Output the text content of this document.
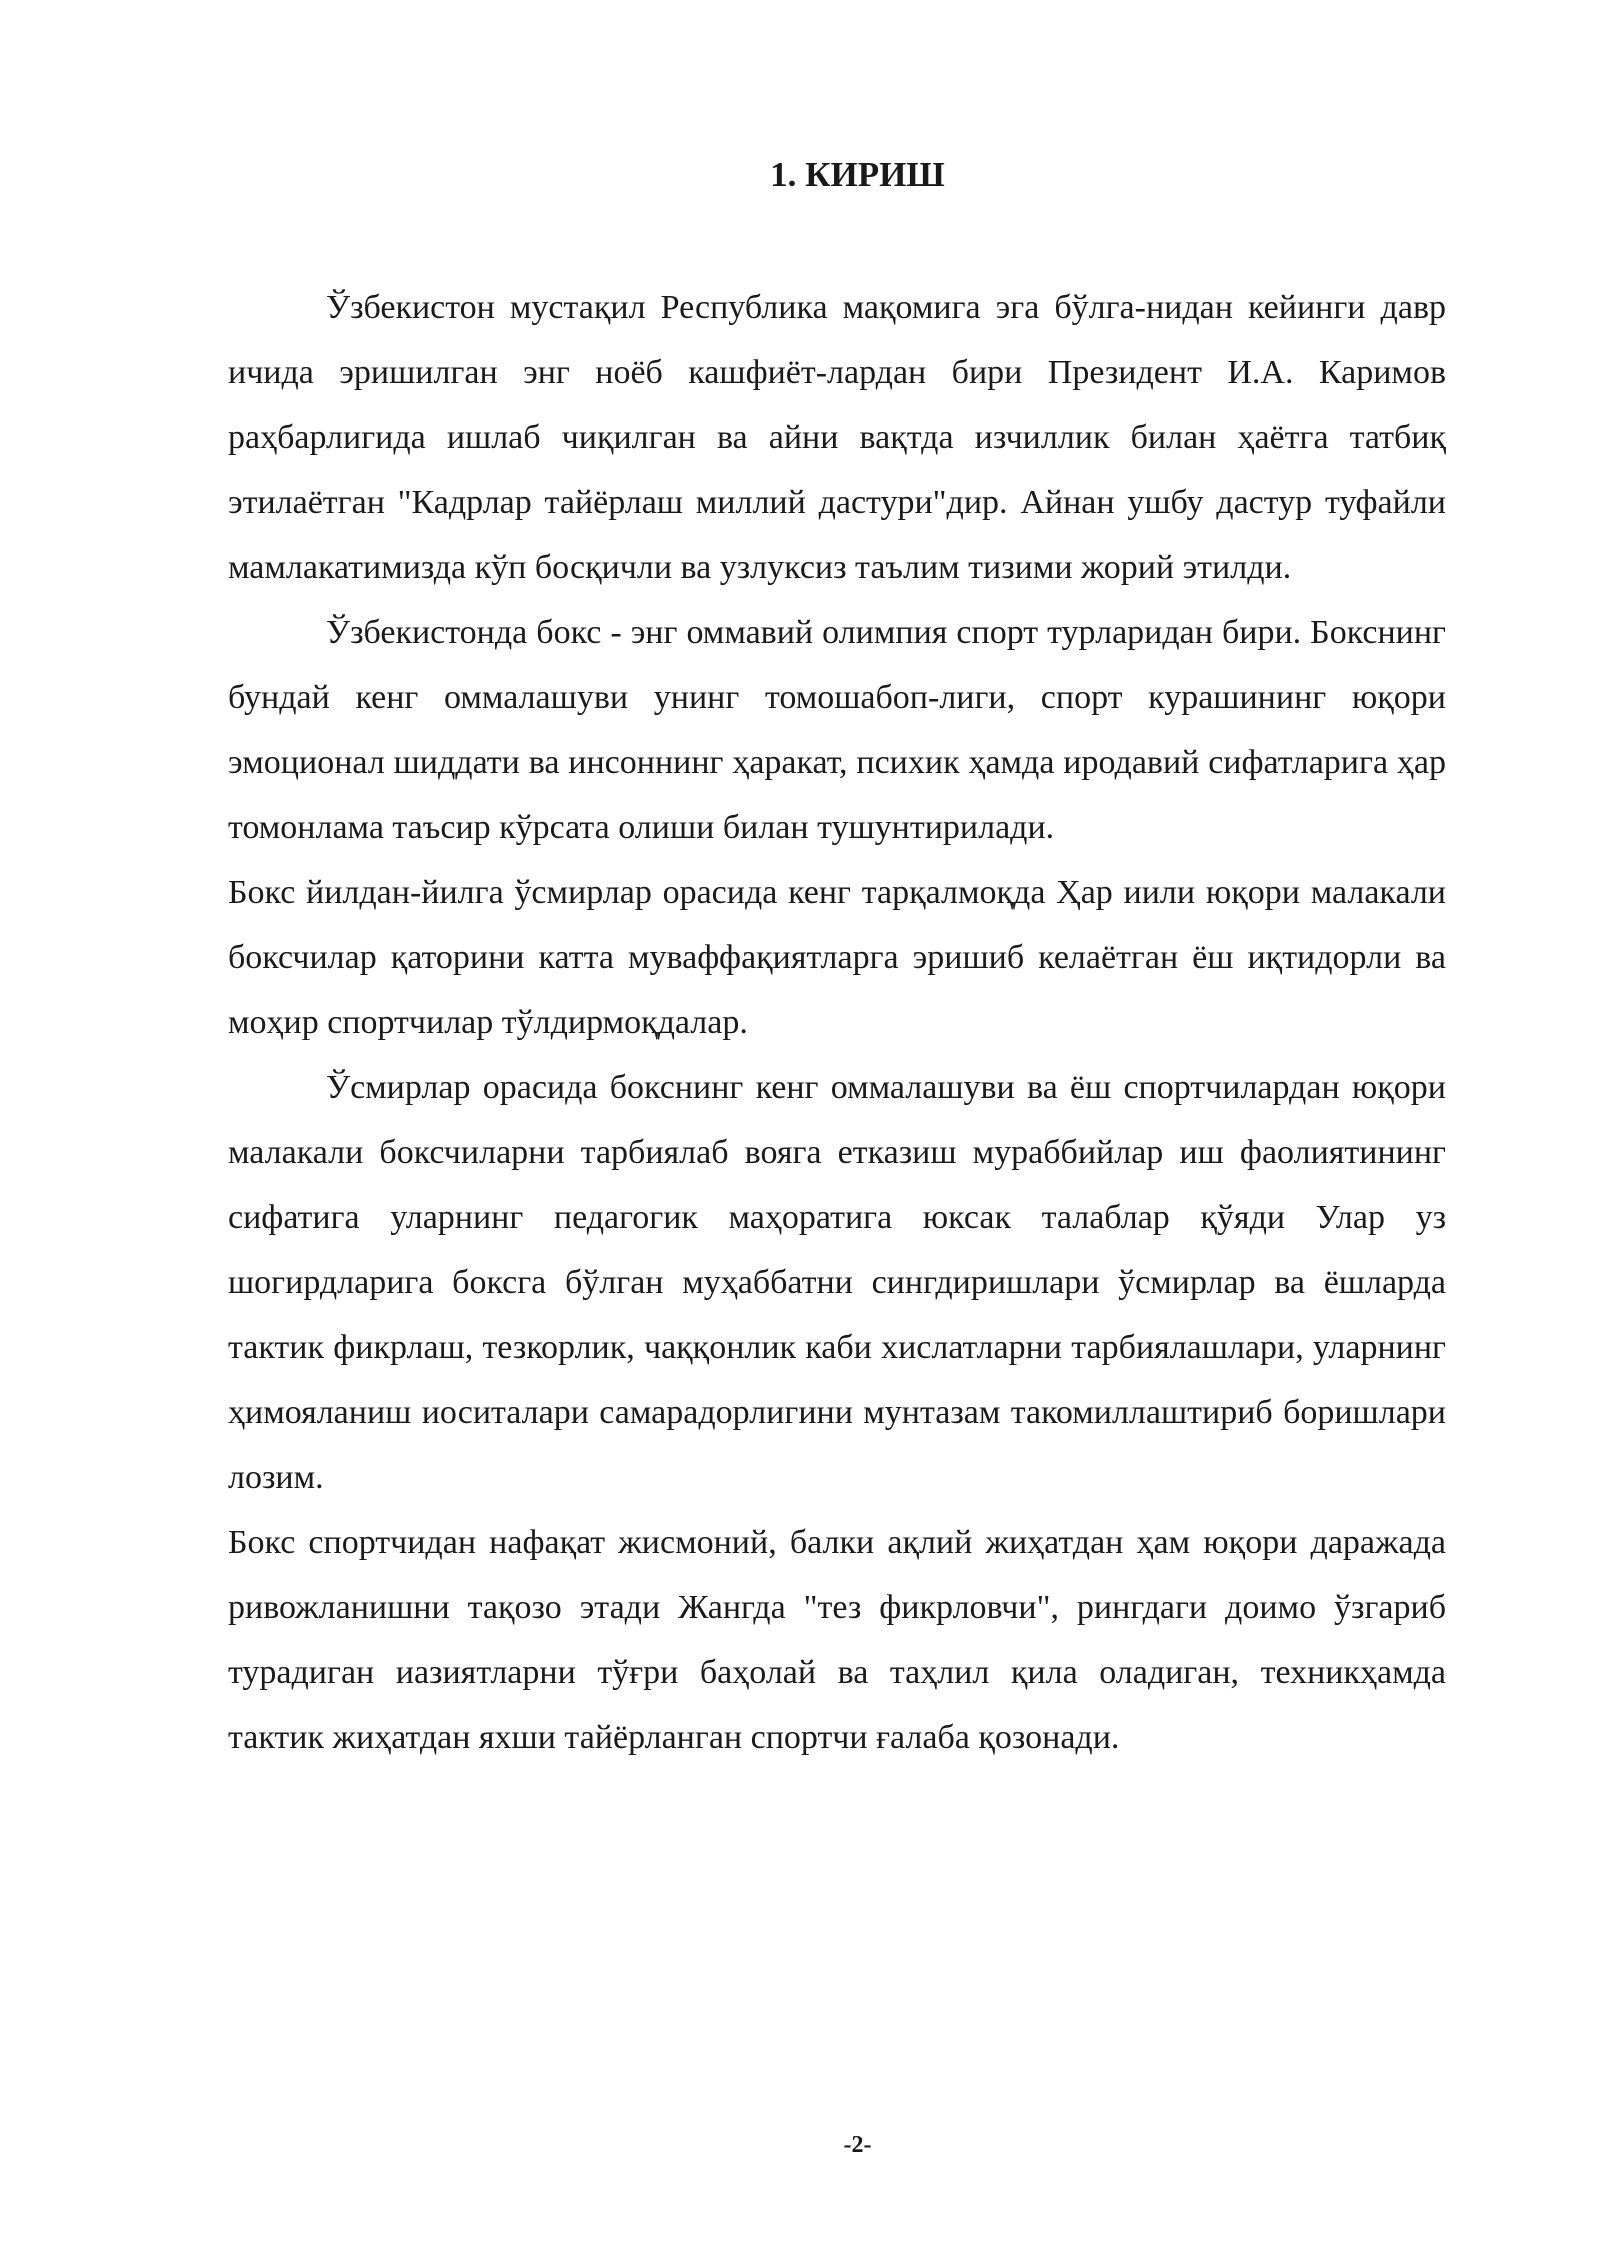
1. КИРИШ

Ўзбекистон мустақил Республика мақомига эга бўлга-нидан кейинги давр ичида эришилган энг ноёб кашфиёт-лардан бири Президент И.А. Каримов раҳбарлигида ишлаб чиқилган ва айни вақтда изчиллик билан ҳаётга татбиқ этилаётган "Кадрлар тайёрлаш миллий дастури"дир. Айнан ушбу дастур туфайли мамлакатимизда кўп босқичли ва узлуксиз таълим тизими жорий этилди.

Ўзбекистонда бокс - энг оммавий олимпия спорт турларидан бири. Бокснинг бундай кенг оммалашуви унинг томошабоп-лиги, спорт курашининг юқори эмоционал шиддати ва инсоннинг ҳаракат, психик ҳамда иродавий сифатларига ҳар томонлама таъсир кўрсата олиши билан тушунтирилади.

Бокс йилдан-йилга ўсмирлар орасида кенг тарқалмоқда Ҳар иили юқори малакали боксчилар қаторини катта муваффақиятларга эришиб келаётган ёш иқтидорли ва моҳир спортчилар тўлдирмоқдалар.

Ўсмирлар орасида бокснинг кенг оммалашуви ва ёш спортчилардан юқори малакали боксчиларни тарбиялаб вояга етказиш мураббийлар иш фаолиятининг сифатига уларнинг педагогик маҳоратига юксак талаблар қўяди Улар уз шогирдларига боксга бўлган муҳаббатни сингдиришлари ўсмирлар ва ёшларда тактик фикрлаш, тезкорлик, чаққонлик каби хислатларни тарбиялашлари, уларнинг ҳимояланиш иоситалари самарадорлигини мунтазам такомиллаштириб боришлари лозим.

Бокс спортчидан нафақат жисмоний, балки ақлий жиҳатдан ҳам юқори даражада ривожланишни тақозо этади Жангда "тез фикрловчи", рингдаги доимо ўзгариб турадиган иазиятларни тўғри баҳолай ва таҳлил қила оладиган, техникҳамда тактик жиҳатдан яхши тайёрланган спортчи ғалаба қозонади.

-2-
